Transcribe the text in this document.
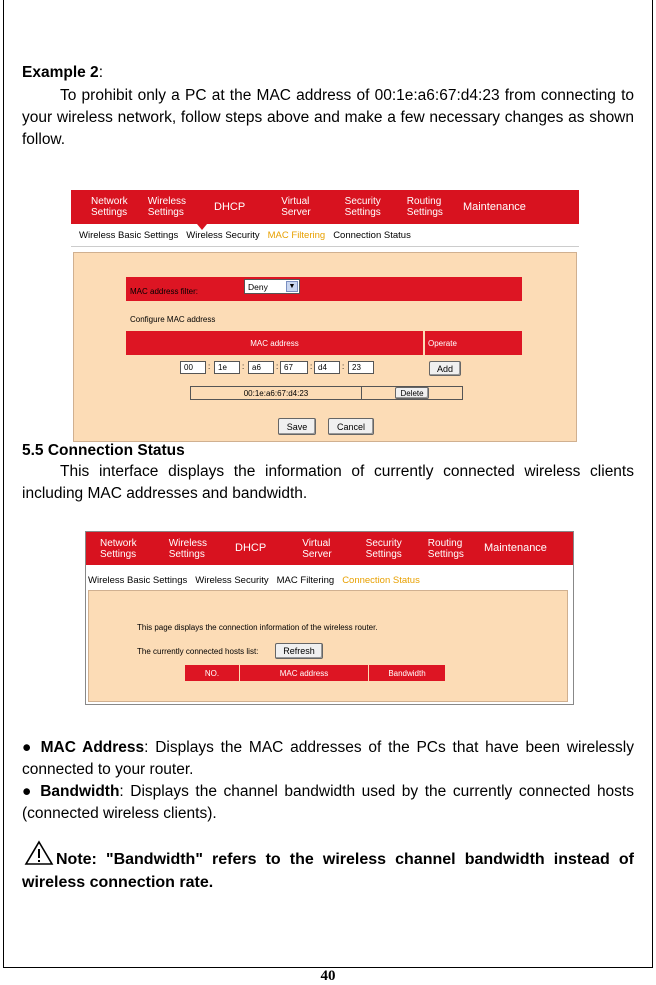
Example 2:
To prohibit only a PC at the MAC address of 00:1e:a6:67:d4:23 from connecting to your wireless network, follow steps above and make a few necessary changes as shown follow.
Network
Settings
Wireless
Settings	DHCP	Virtual
Server
Security
Settings
Routing
Settings	Maintenance
Wireless Basic Settings Wireless Security MAC Filtering Connection Status
MAC address filter:	Deny	▼
Configure MAC address
MAC address	Operate
00	: 1e	: a6	: 67	: d4	: 23	Add
00:1e:a6:67:d4:23	Delete
Save	Cancel
5.5 Connection Status
This interface displays the information of currently connected wireless clients including MAC addresses and bandwidth.
Network
Settings
Wireless
Settings	DHCP	Virtual
Server
Security
Settings
Routing
Settings	Maintenance
Wireless Basic Settings Wireless Security MAC Filtering Connection Status
This page displays the connection information of the wireless router.
The currently connected hosts list:	Refresh
NO.	MAC address	Bandwidth
● MAC Address: Displays the MAC addresses of the PCs that have been wirelessly connected to your router.
● Bandwidth: Displays the channel bandwidth used by the currently connected hosts (connected wireless clients).
Note: "Bandwidth" refers to the wireless channel bandwidth instead of wireless connection rate.
40
